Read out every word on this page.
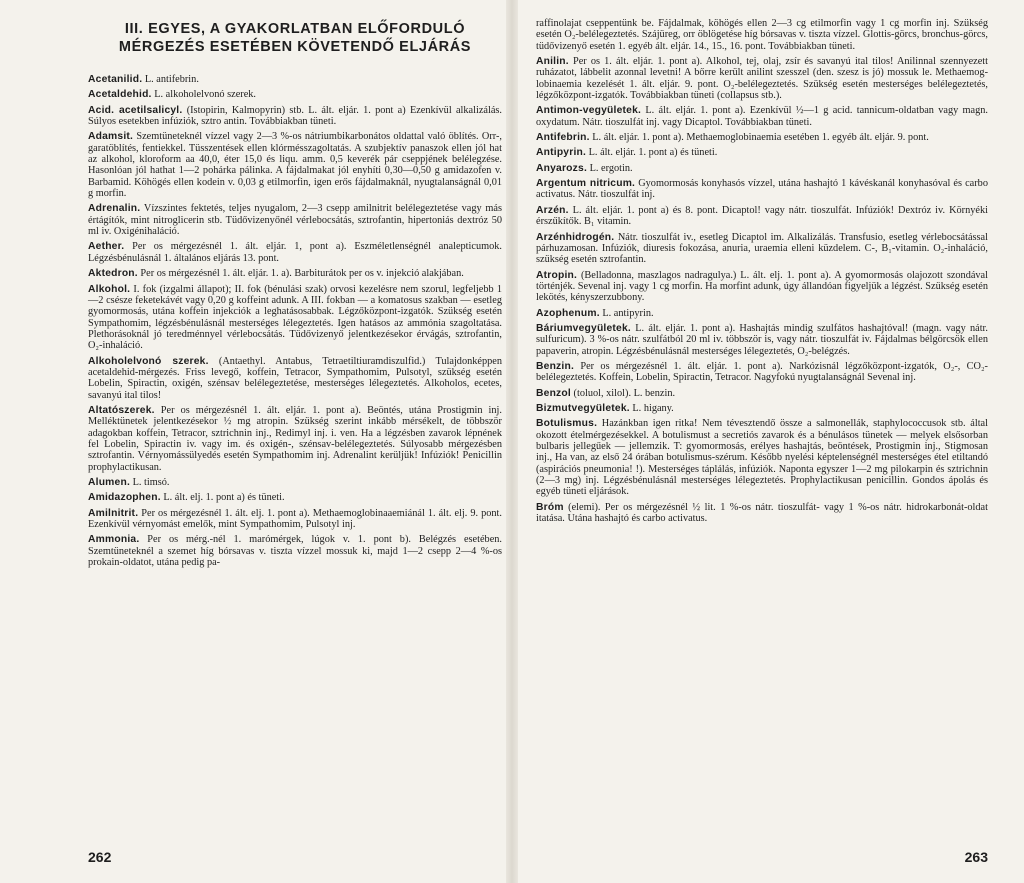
III. EGYES, A GYAKORLATBAN ELŐFORDULÓ MÉRGEZÉS ESETÉBEN KÖVETENDŐ ELJÁRÁS

Acetanilid. L. antifebrin.

Acetaldehid. L. alkoholelvonó szerek.

Acid. acetilsalicyl. (Istopirin, Kalmopyrin) stb. L. ált. eljár. 1. pont a) Ezenkívül alkalizálás. Súlyos esetekben infúziók, sztro antin. Továbbiakban tüneti.

Adamsit. Szemtüneteknél vízzel vagy 2—3 %-os nátriumbikarbonátos oldattal való öblítés. Orr-, garatöblítés, fentiekkel. Tüsszentések ellen klórmésszagoltatás. A szubjektív panaszok ellen jól hat az alkohol, kloroform aa 40,0, éter 15,0 és liqu. amm. 0,5 keverék pár cseppjének belélegzése. Hasonlóan jól hathat 1—2 pohárka pálinka. A fájdalmakat jól enyhíti 0,30—0,50 g amidazofen v. Barbamid. Köhögés ellen kodein v. 0,03 g etilmorfin, igen erős fájdalmaknál, nyugtalanságnál 0,01 g morfin.

Adrenalin. Vízszintes fektetés, teljes nyugalom, 2—3 csepp amilnitrit belélegeztetése vagy más értágítók, mint nitroglicerin stb. Tüdővizenyőnél vérlebocsátás, sztrofantin, hipertoniás dextróz 50 ml iv. Oxigénihaláció.

Aether. Per os mérgezésnél 1. ált. eljár. 1, pont a). Eszméletlenségnél analepticumok. Légzésbénulásnál 1. általános eljárás 13. pont.

Aktedron. Per os mérgezésnél 1. ált. eljár. 1. a). Barbiturátok per os v. injekció alakjában.

Alkohol. I. fok (izgalmi állapot); II. fok (bénulási szak) orvosi kezelésre nem szorul, legfeljebb 1—2 csésze feketekávét vagy 0,20 g koffeint adunk. A III. fokban — a komatosus szakban — esetleg gyomormosás, utána koffein injekciók a leghatásosabbak. Légzőközpont-izgatók. Szükség esetén Sympathomim, légzésbénulásnál mesterséges lélegeztetés. Igen hatásos az ammónia szagoltatása. Plethorásoknál jó teredménnyel vérlebocsátás. Tüdővizenyő jelentkezésekor érvágás, sztrofantin, O₂-inhaláció.

Alkoholelvonó szerek. (Antaethyl. Antabus, Tetraetiltiuramdiszulfid.) Tulajdonképpen acetaldehid-mérgezés. Friss levegő, koffein, Tetracor, Sympathomim, Pulsotyl, szükség esetén Lobelin, Spiractin, oxigén, szénsav belélegeztetése, mesterséges lélegeztetés. Alkoholos, ecetes, savanyú ital tilos!

Altatószerek. Per os mérgezésnél 1. ált. eljár. 1. pont a). Beöntés, utána Prostigmin inj. Melléktünetek jelentkezésekor ½ mg atropin. Szükség szerint inkább mérsékelt, de többször adagokban koffein, Tetracor, sztrichnin inj., Redimyl inj. i. ven. Ha a légzésben zavarok lépnének fel Lobelin, Spiractin iv. vagy im. és oxigén-, szénsav-belélegeztetés. Súlyosabb mérgezésben sztrofantin. Vérnyomássülyedés esetén Sympathomim inj. Adrenalint kerüljük! Infúziók! Penicillin prophylactikusan.

Alumen. L. timsó.

Amidazophen. L. ált. elj. 1. pont a) és tüneti.

Amilnitrit. Per os mérgezésnél 1. ált. elj. 1. pont a). Methaemoglobinaaemiánál 1. ált. elj. 9. pont. Ezenkívül vérnyomást emelők, mint Sympathomim, Pulsotyl inj.

Ammonia. Per os mérg.-nél 1. marómérgek, lúgok v. 1. pont b). Belégzés esetében. Szemtüneteknél a szemet híg bórsavas v. tiszta vízzel mossuk ki, majd 1—2 csepp 2—4 %-os prokain-oldatot, utána pedig pa-

262

raffinolajat cseppentünk be. Fájdalmak, köhögés ellen 2—3 cg etilmorfin vagy 1 cg morfin inj. Szükség esetén O₂-belélegeztetés. Szájüreg, orr öblögetése híg bórsavas v. tiszta vízzel. Glottis-görcs, bronchus-görcs, tüdővizenyő esetén 1. egyéb ált. eljár. 14., 15., 16. pont. Továbbiakban tüneti.

Anilin. Per os 1. ált. eljár. 1. pont a). Alkohol, tej, olaj, zsír és savanyú ital tilos! Anilinnal szennyezett ruházatot, lábbelit azonnal levetni! A bőrre került anilint szesszel (den. szesz is jó) mossuk le. Methaemoglobinaemia kezelését 1. ált. eljár. 9. pont. O₂-belélegeztetés. Szükség esetén mesterséges belélegeztetés, légzőközpont-izgatók. Továbbiakban tüneti (collapsus stb.).

Antimon-vegyületek. L. ált. eljár. 1. pont a). Ezenkívül ½—1 g acid. tannicum-oldatban vagy magn. oxydatum. Nátr. tioszulfát inj. vagy Dicaptol. Továbbiakban tüneti.

Antifebrin. L. ált. eljár. 1. pont a). Methaemoglobinaemia esetében 1. egyéb ált. eljár. 9. pont.

Antipyrin. L. ált. eljár. 1. pont a) és tüneti.

Anyarozs. L. ergotin.

Argentum nitricum. Gyomormosás konyhasós vízzel, utána hashajtó 1 kávéskanál konyhasóval és carbo activatus. Nátr. tioszulfát inj.

Arzén. L. ált. eljár. 1. pont a) és 8. pont. Dicaptol! vagy nátr. tioszulfát. Infúziók! Dextróz iv. Környéki érszűkítők. B₁ vitamin.

Arzénhidrogén. Nátr. tioszulfát iv., esetleg Dicaptol im. Alkalizálás. Transfusio, esetleg vérlebocsátással párhuzamosan. Infúziók, diuresis fokozása, anuria, uraemia elleni küzdelem. C-, B₁-vitamin. O₂-inhaláció, szükség esetén sztrofantin.

Atropin. (Belladonna, maszlagos nadragulya.) L. ált. elj. 1. pont a). A gyomormosás olajozott szondával történjék. Sevenal inj. vagy 1 cg morfin. Ha morfint adunk, úgy állandóan figyeljük a légzést. Szükség esetén lekötés, kényszerzubbony.

Azophenum. L. antipyrin.

Báriumvegyületek. L. ált. eljár. 1. pont a). Hashajtás mindig szulfátos hashajtóval! (magn. vagy nátr. sulfuricum). 3 %-os nátr. szulfátból 20 ml iv. többször is, vagy nátr. tioszulfát iv. Fájdalmas bélgörcsök ellen papaverin, atropin. Légzésbénulásnál mesterséges lélegeztetés, O₂-belégzés.

Benzin. Per os mérgezésnél 1. ált. eljár. 1. pont a). Narkózisnál légzőközpont-izgatók, O₂-, CO₂-belélegeztetés. Koffein, Lobelin, Spiractin, Tetracor. Nagyfokú nyugtalanságnál Sevenal inj.

Benzol (toluol, xilol). L. benzin.

Bizmutvegyületek. L. higany.

Botulismus. Hazánkban igen ritka! Nem tévesztendő össze a salmonellák, staphylococcusok stb. által okozott ételmérgezésekkel. A botulismust a secretiós zavarok és a bénulásos tünetek — melyek elsősorban bulbaris jellegűek — jellemzik. T: gyomormosás, erélyes hashajtás, beöntések, Prostigmin inj., Stigmosan inj., Ha van, az első 24 órában botulismus-szérum. Később nyelési képtelenségnél mesterséges étel etiltandó (aspirációs pneumonia! !). Mesterséges táplálás, infúziók. Naponta egyszer 1—2 mg pilokarpin és sztrichnin (2—3 mg) inj. Légzésbénulásnál mesterséges lélegeztetés. Prophylactikusan penicillin. Gondos ápolás és egyéb tüneti eljárások.

Bróm (elemi). Per os mérgezésnél ½ lit. 1 %-os nátr. tioszulfát- vagy 1 %-os nátr. hidrokarbonát-oldat itatása. Utána hashajtó és carbo activatus.

263
